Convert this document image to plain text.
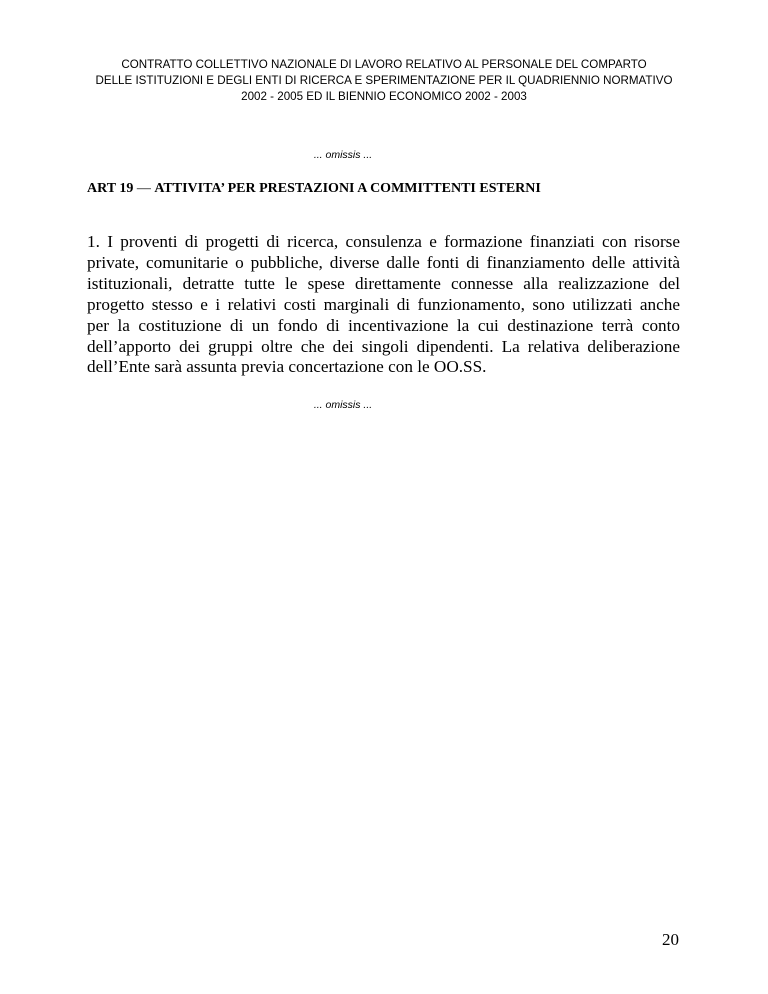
CONTRATTO COLLETTIVO NAZIONALE DI LAVORO RELATIVO AL PERSONALE DEL COMPARTO
DELLE ISTITUZIONI E DEGLI ENTI DI RICERCA E SPERIMENTAZIONE PER IL QUADRIENNIO NORMATIVO
2002 - 2005 ED IL BIENNIO ECONOMICO 2002 - 2003
... omissis ...
ART 19 — ATTIVITA’ PER PRESTAZIONI A COMMITTENTI ESTERNI
1. I proventi di progetti di ricerca, consulenza e formazione finanziati con risorse
private, comunitarie o pubbliche, diverse dalle fonti di finanziamento delle attività
istituzionali, detratte tutte le spese direttamente connesse alla realizzazione del
progetto stesso e i relativi costi marginali di funzionamento, sono utilizzati anche
per la costituzione di un fondo di incentivazione la cui destinazione terrà conto
dell’apporto dei gruppi oltre che dei singoli dipendenti. La relativa deliberazione
dell’Ente sarà assunta previa concertazione con le OO.SS.
... omissis ...
20
